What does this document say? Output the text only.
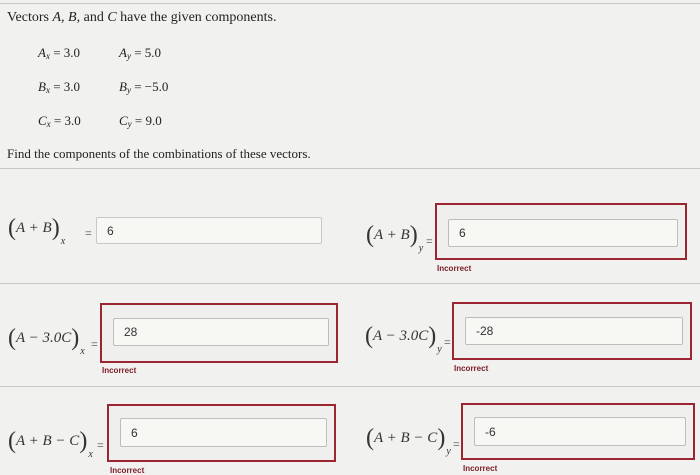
Vectors A, B, and C have the given components.
$A_x = 3.0$	$A_y = 5.0$
$B_x = 3.0$	$B_y = -5.0$
$C_x = 3.0$	$C_y = 9.0$
Find the components of the combinations of these vectors.
$(A + B)_x$
=
6	$(A + B)_y$
=
6
Incorrect
$(A - 3.0C)_x$
=
28
Incorrect
$(A - 3.0C)_y$
=
-28
Incorrect
$(A + B - C)_x$
=
6
Incorrect
$(A + B - C)_y$
=
-6
Incorrect
